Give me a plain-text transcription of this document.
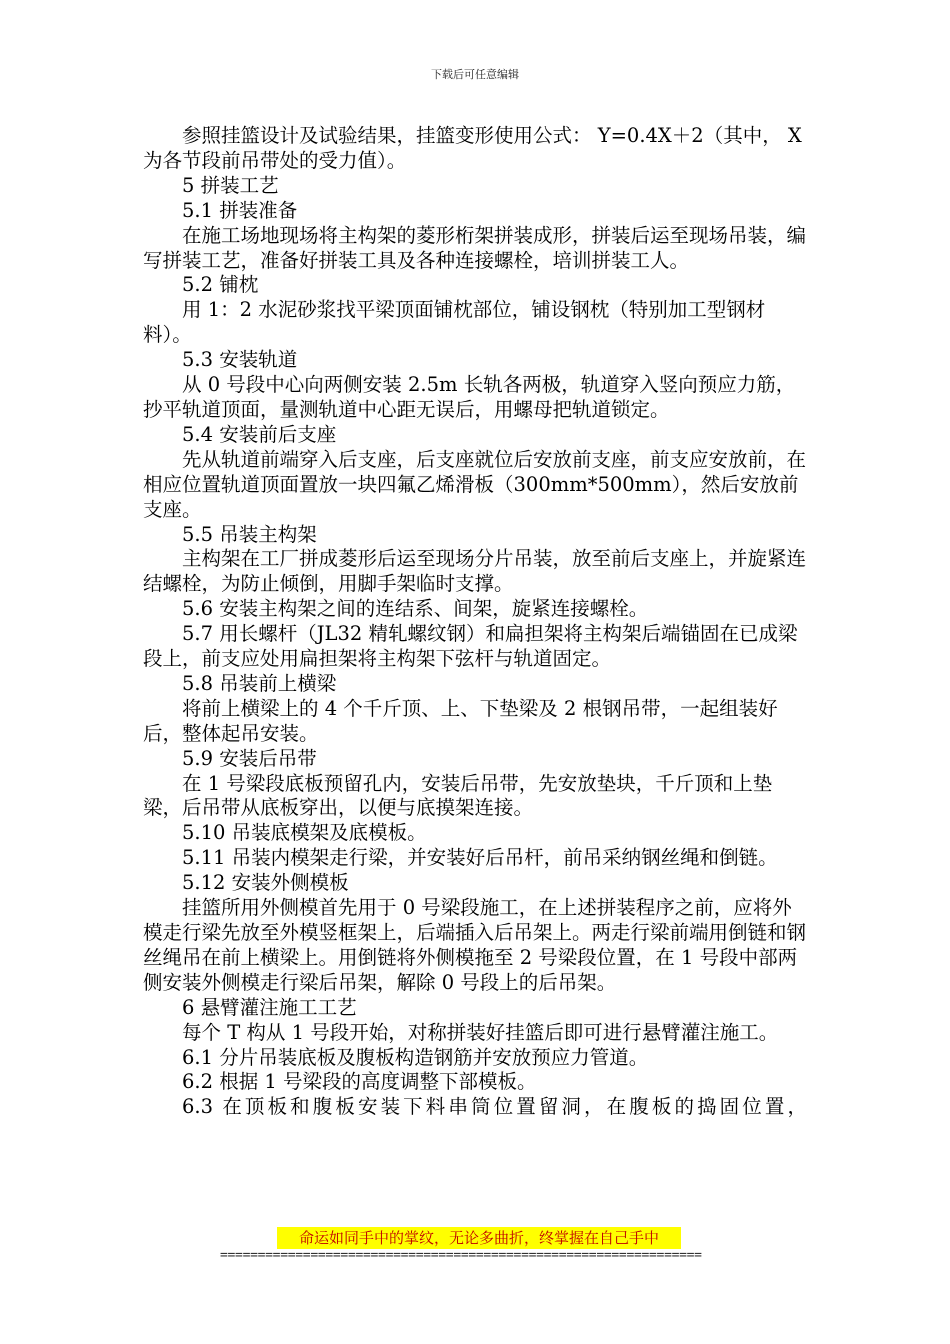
下载后可任意编辑

参照挂篮设计及试验结果，挂篮变形使用公式： Y=0.4X＋2（其中， X 为各节段前吊带处的受力值）。

5 拼装工艺

5.1 拼装准备

在施工场地现场将主构架的菱形桁架拼装成形，拼装后运至现场吊装，编写拼装工艺，准备好拼装工具及各种连接螺栓，培训拼装工人。

5.2 铺枕

用 1：2 水泥砂浆找平梁顶面铺枕部位，铺设钢枕（特别加工型钢材料）。

5.3 安装轨道

从 0 号段中心向两侧安装 2.5m 长轨各两极，轨道穿入竖向预应力筋，抄平轨道顶面，量测轨道中心距无误后，用螺母把轨道锁定。

5.4 安装前后支座

先从轨道前端穿入后支座，后支座就位后安放前支座，前支应安放前，在相应位置轨道顶面置放一块四氟乙烯滑板（300mm*500mm），然后安放前支座。

5.5 吊装主构架

主构架在工厂拼成菱形后运至现场分片吊装，放至前后支座上，并旋紧连结螺栓，为防止倾倒，用脚手架临时支撑。

5.6 安装主构架之间的连结系、间架，旋紧连接螺栓。

5.7 用长螺杆（JL32 精轧螺纹钢）和扁担架将主构架后端锚固在已成梁段上，前支应处用扁担架将主构架下弦杆与轨道固定。

5.8 吊装前上横梁

将前上横梁上的 4 个千斤顶、上、下垫梁及 2 根钢吊带，一起组装好后，整体起吊安装。

5.9 安装后吊带

在 1 号梁段底板预留孔内，安装后吊带，先安放垫块，千斤顶和上垫梁，后吊带从底板穿出，以便与底摸架连接。

5.10 吊装底模架及底模板。

5.11 吊装内模架走行梁，并安装好后吊杆，前吊采纳钢丝绳和倒链。

5.12 安装外侧模板

挂篮所用外侧模首先用于 0 号梁段施工，在上述拼装程序之前，应将外模走行梁先放至外模竖框架上，后端插入后吊架上。两走行梁前端用倒链和钢丝绳吊在前上横梁上。用倒链将外侧模拖至 2 号梁段位置，在 1 号段中部两侧安装外侧模走行梁后吊架，解除 0 号段上的后吊架。

6 悬臂灌注施工工艺

每个 T 构从 1 号段开始，对称拼装好挂篮后即可进行悬臂灌注施工。

6.1 分片吊装底板及腹板构造钢筋并安放预应力管道。

6.2 根据 1 号梁段的高度调整下部模板。

6.3 在顶板和腹板安装下料串筒位置留洞，在腹板的捣固位置，

命运如同手中的掌纹，无论多曲折，终掌握在自己手中
================================================================
